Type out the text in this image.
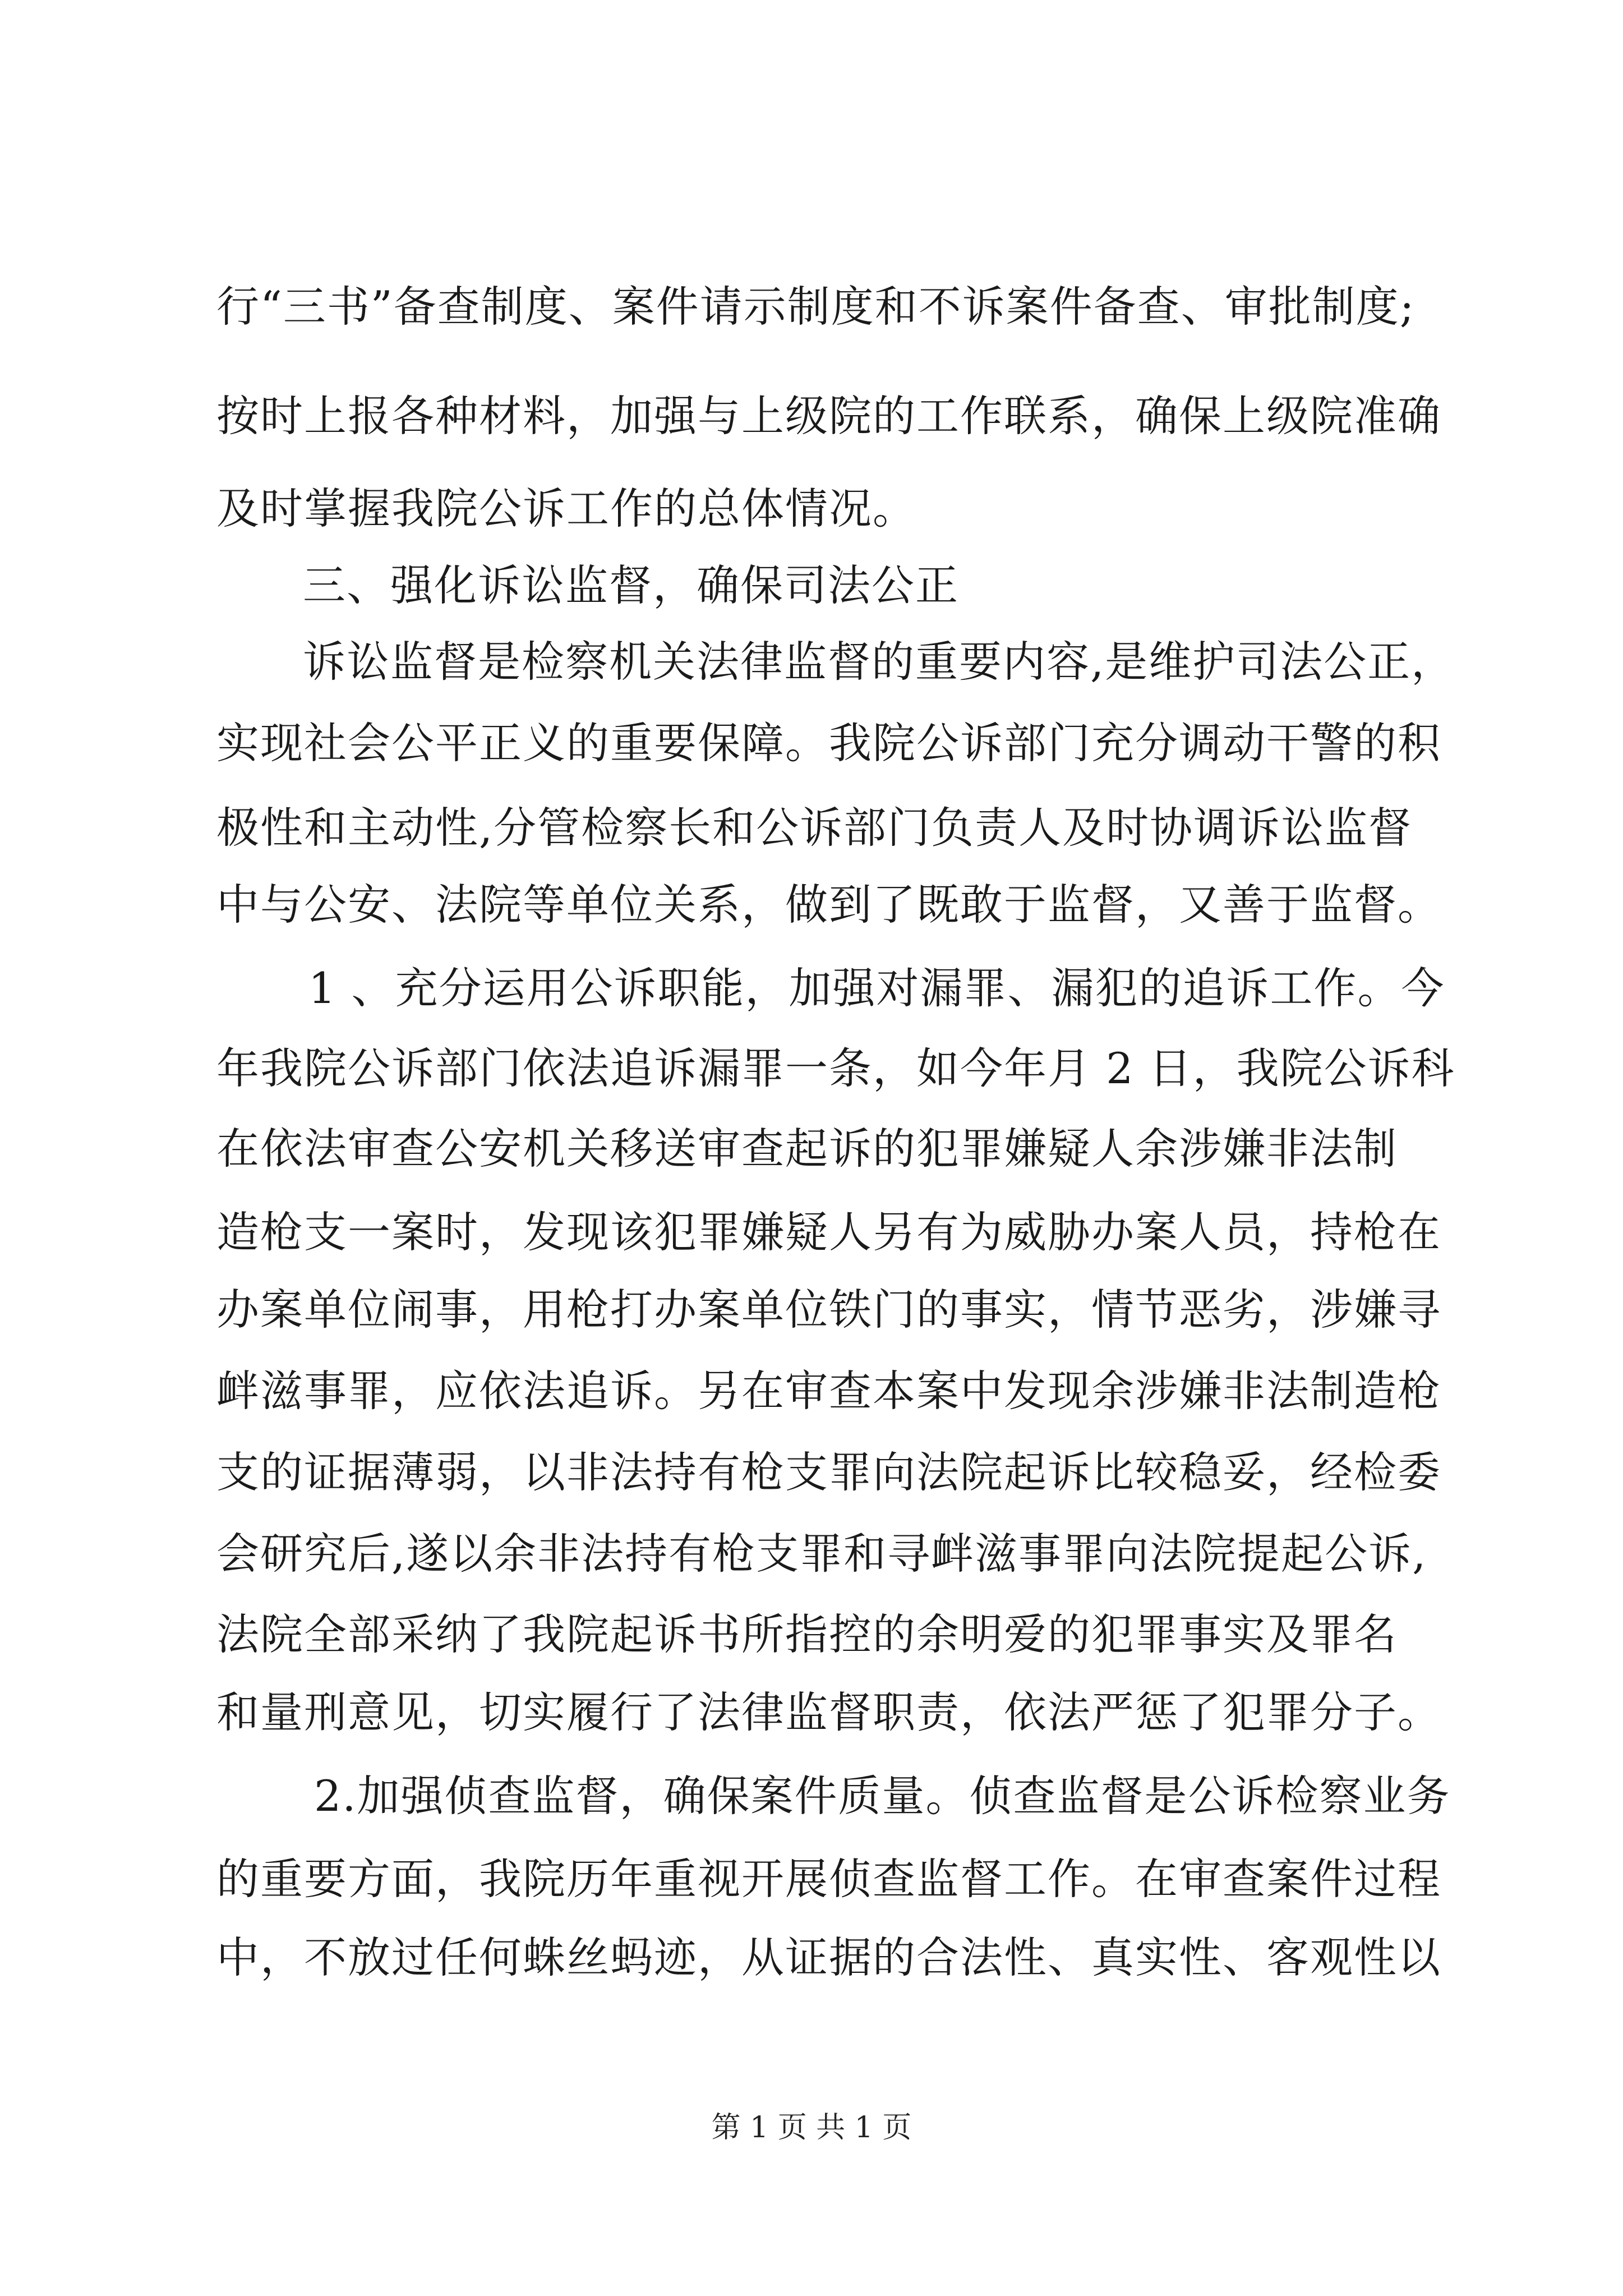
行“三书”备查制度、案件请示制度和不诉案件备查、审批制度;
按时上报各种材料，加强与上级院的工作联系，确保上级院准确
及时掌握我院公诉工作的总体情况。
三、强化诉讼监督，确保司法公正
诉讼监督是检察机关法律监督的重要内容,是维护司法公正，
实现社会公平正义的重要保障。我院公诉部门充分调动干警的积
极性和主动性,分管检察长和公诉部门负责人及时协调诉讼监督
中与公安、法院等单位关系，做到了既敢于监督，又善于监督。
1 、充分运用公诉职能，加强对漏罪、漏犯的追诉工作。今
年我院公诉部门依法追诉漏罪一条，如今年月 2 日，我院公诉科
在依法审查公安机关移送审查起诉的犯罪嫌疑人余涉嫌非法制
造枪支一案时，发现该犯罪嫌疑人另有为威胁办案人员，持枪在
办案单位闹事，用枪打办案单位铁门的事实，情节恶劣，涉嫌寻
衅滋事罪，应依法追诉。另在审查本案中发现余涉嫌非法制造枪
支的证据薄弱，以非法持有枪支罪向法院起诉比较稳妥，经检委
会研究后,遂以余非法持有枪支罪和寻衅滋事罪向法院提起公诉,
法院全部采纳了我院起诉书所指控的余明爱的犯罪事实及罪名
和量刑意见，切实履行了法律监督职责，依法严惩了犯罪分子。
2.加强侦查监督，确保案件质量。侦查监督是公诉检察业务
的重要方面，我院历年重视开展侦查监督工作。在审查案件过程
中，不放过任何蛛丝蚂迹，从证据的合法性、真实性、客观性以
第 1 页 共 1 页
